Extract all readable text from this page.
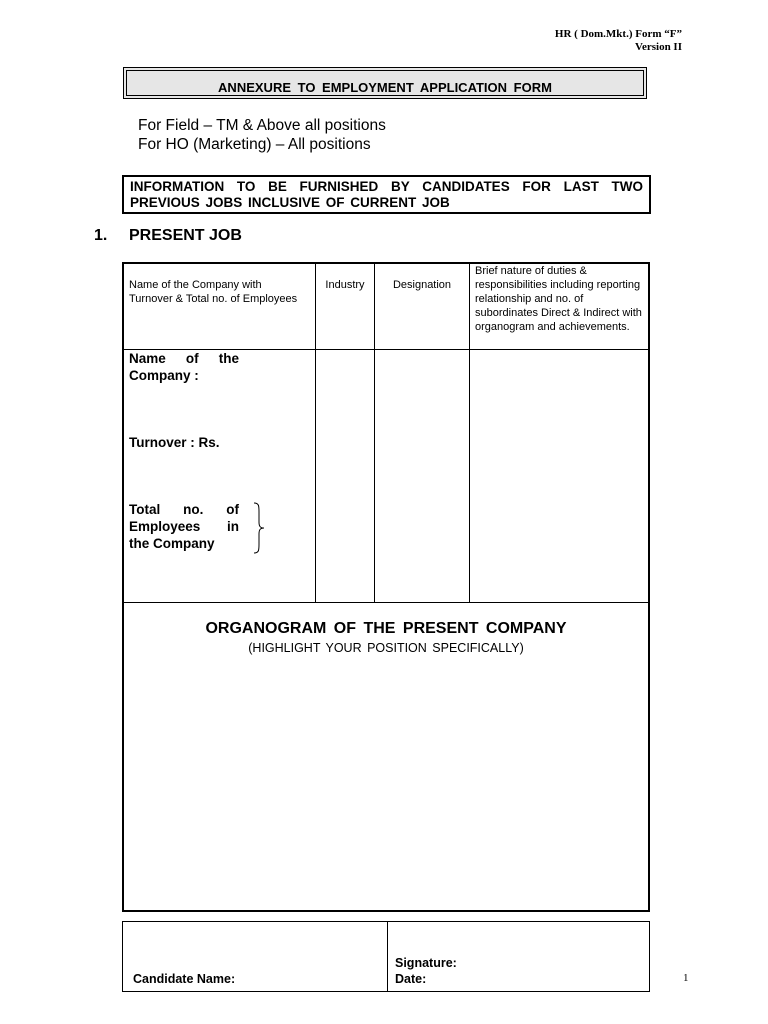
HR ( Dom.Mkt.) Form “F”
Version II
ANNEXURE TO EMPLOYMENT APPLICATION FORM
For Field – TM & Above all positions
For HO (Marketing) – All positions
INFORMATION TO BE FURNISHED BY CANDIDATES FOR LAST TWO
PREVIOUS JOBS INCLUSIVE OF CURRENT JOB
1. PRESENT JOB
Name of the Company with Turnover & Total no. of Employees
Industry	Designation
Brief nature of duties & responsibilities including reporting relationship and no. of subordinates Direct & Indirect with organogram and achievements.
Name of the
Company :
Turnover : Rs.
Total no. of
Employees in
the Company
ORGANOGRAM OF THE PRESENT COMPANY
(HIGHLIGHT YOUR POSITION SPECIFICALLY)
Candidate Name:
Signature:
Date:	1
